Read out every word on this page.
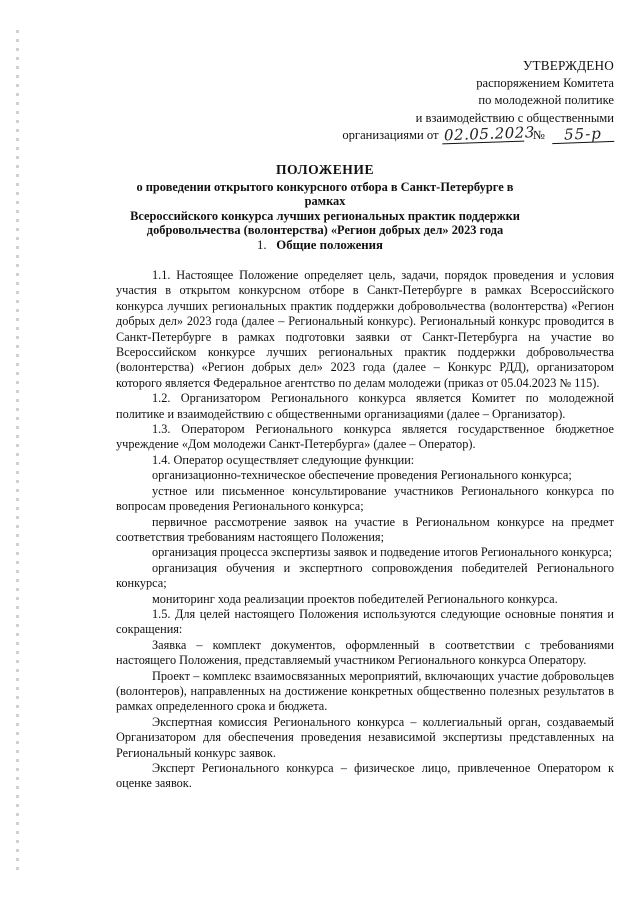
УТВЕРЖДЕНО
распоряжением Комитета
по молодежной политике
и взаимодействию с общественными
организациями от 02.05.2023 № 55-р
ПОЛОЖЕНИЕ
о проведении открытого конкурсного отбора в Санкт-Петербурге в рамках
Всероссийского конкурса лучших региональных практик поддержки
добровольчества (волонтерства) «Регион добрых дел» 2023 года
1. Общие положения

1.1. Настоящее Положение определяет цель, задачи, порядок проведения и условия участия в открытом конкурсном отборе в Санкт-Петербурге в рамках Всероссийского конкурса лучших региональных практик поддержки добровольчества (волонтерства) «Регион добрых дел» 2023 года (далее – Региональный конкурс). Региональный конкурс проводится в Санкт-Петербурге в рамках подготовки заявки от Санкт-Петербурга на участие во Всероссийском конкурсе лучших региональных практик поддержки добровольчества (волонтерства) «Регион добрых дел» 2023 года (далее – Конкурс РДД), организатором которого является Федеральное агентство по делам молодежи (приказ от 05.04.2023 № 115).

1.2. Организатором Регионального конкурса является Комитет по молодежной политике и взаимодействию с общественными организациями (далее – Организатор).

1.3. Оператором Регионального конкурса является государственное бюджетное учреждение «Дом молодежи Санкт-Петербурга» (далее – Оператор).

1.4. Оператор осуществляет следующие функции:

организационно-техническое обеспечение проведения Регионального конкурса;

устное или письменное консультирование участников Регионального конкурса по вопросам проведения Регионального конкурса;

первичное рассмотрение заявок на участие в Региональном конкурсе на предмет соответствия требованиям настоящего Положения;

организация процесса экспертизы заявок и подведение итогов Регионального конкурса;

организация обучения и экспертного сопровождения победителей Регионального конкурса;

мониторинг хода реализации проектов победителей Регионального конкурса.

1.5. Для целей настоящего Положения используются следующие основные понятия и сокращения:

Заявка – комплект документов, оформленный в соответствии с требованиями настоящего Положения, представляемый участником Регионального конкурса Оператору.

Проект – комплекс взаимосвязанных мероприятий, включающих участие добровольцев (волонтеров), направленных на достижение конкретных общественно полезных результатов в рамках определенного срока и бюджета.

Экспертная комиссия Регионального конкурса – коллегиальный орган, создаваемый Организатором для обеспечения проведения независимой экспертизы представленных на Региональный конкурс заявок.

Эксперт Регионального конкурса – физическое лицо, привлеченное Оператором к оценке заявок.
